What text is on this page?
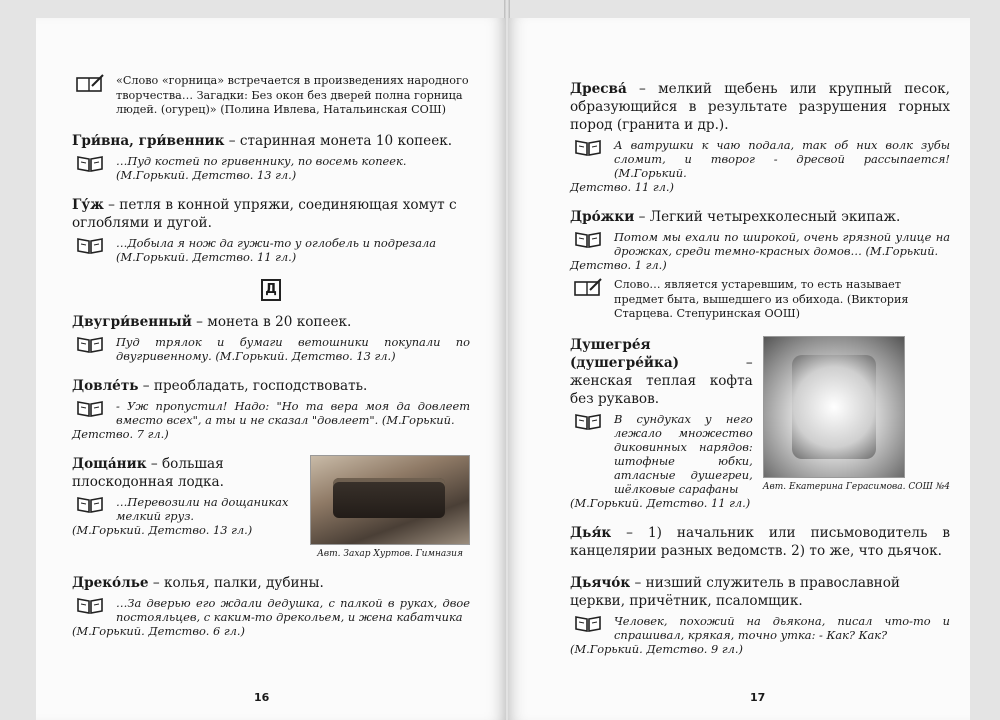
«Слово «горница» встречается в произведениях народного творчества… Загадки: Без окон без дверей полна горница людей. (огурец)» (Полина Ивлева, Натальинская СОШ)
Гри́вна, гри́венник – старинная монета 10 копеек.
…Пуд костей по гривеннику, по восемь копеек.
(М.Горький. Детство. 13 гл.)
Гу́ж – петля в конной упряжи, соединяющая хомут с оглоблями и дугой.
…Добыла я нож да гужи-то у оглобель и подрезала
(М.Горький. Детство. 11 гл.)
Д
Двугри́венный – монета в 20 копеек.
Пуд трялок и бумаги ветошники покупали по двугривенному. (М.Горький. Детство. 13 гл.)
Довле́ть – преобладать, господствовать.
- Уж пропустил! Надо: "Но та вера моя да довлеет вместо всех", а ты и не сказал "довлеет". (М.Горький.
Детство. 7 гл.)
Авт. Захар Хуртов. Гимназия
Доща́ник – большая плоскодонная лодка.
…Перевозили на дощаниках мелкий груз.
(М.Горький. Детство. 13 гл.)
Дреко́лье – колья, палки, дубины.
…За дверью его ждали дедушка, с палкой в руках, двое постояльцев, с каким-то дрекольем, и жена кабатчика
(М.Горький. Детство. 6 гл.)
16
Дресва́ – мелкий щебень или крупный песок, образующийся в результате разрушения горных пород (гранита и др.).
А ватрушки к чаю подала, так об них волк зубы сломит, и творог - дресвой рассыпается! (М.Горький.
Детство. 11 гл.)
Дро́жки – Легкий четырехколесный экипаж.
Потом мы ехали по широкой, очень грязной улице на дрожках, среди темно-красных домов… (М.Горький.
Детство. 1 гл.)
Слово… является устаревшим, то есть называет предмет быта, вышедшего из обихода. (Виктория Старцева. Степуринская ООШ)
Авт. Екатерина Герасимова. СОШ №4
Душегре́я (душегре́йка) – женская теплая кофта без рукавов.
В сундуках у него лежало множество диковинных нарядов: штофные юбки, атласные душегреи, шёлковые сарафаны
(М.Горький. Детство. 11 гл.)
Дья́к – 1) начальник или письмоводитель в канцелярии разных ведомств. 2) то же, что дьячок.
Дьячо́к – низший служитель в православной церкви, причётник, псаломщик.
Человек, похожий на дьякона, писал что-то и спрашивал, крякая, точно утка: - Как? Как?
(М.Горький. Детство. 9 гл.)
17
